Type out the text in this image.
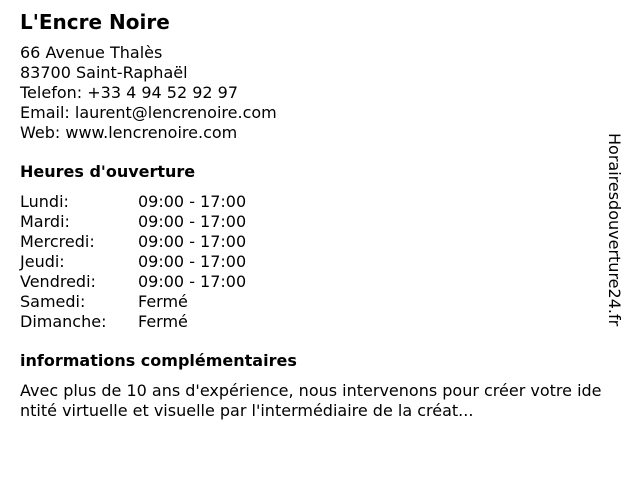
L'Encre Noire
66 Avenue Thalès
83700 Saint-Raphaël
Telefon: +33 4 94 52 92 97
Email: laurent@lencrenoire.com
Web: www.lencrenoire.com
Heures d'ouverture
Lundi:	09:00 - 17:00
Mardi:	09:00 - 17:00
Mercredi:	09:00 - 17:00
Jeudi:	09:00 - 17:00
Vendredi:	09:00 - 17:00
Samedi:	Fermé
Dimanche:	Fermé
informations complémentaires
Avec plus de 10 ans d'expérience, nous intervenons pour créer votre identité virtuelle et visuelle par l'intermédiaire de la créat...
Horairesdouverture24.fr
